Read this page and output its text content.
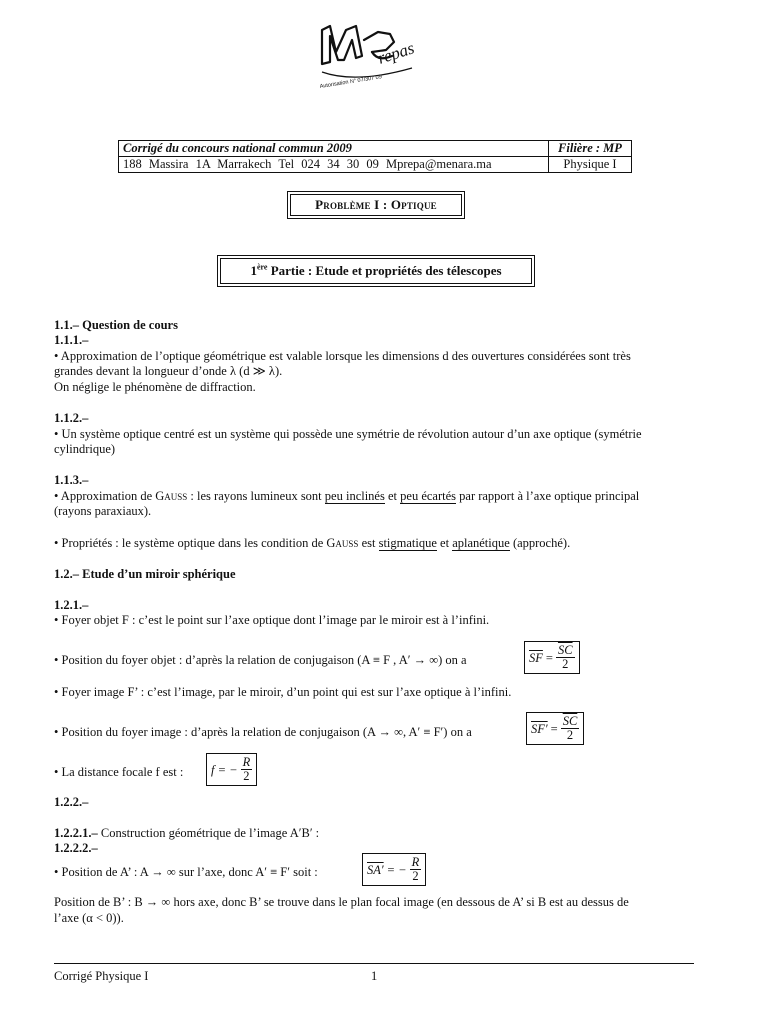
repas
Autorisation N° 07/307 09
Corrigé du concours national commun 2009	Filière : MP
188 Massira 1A Marrakech Tel 024 34 30 09 Mprepa@menara.ma	Physique I
Problème I : Optique
1ère Partie : Etude et propriétés des télescopes
1.1.– Question de cours
1.1.1.–
• Approximation de l’optique géométrique est valable lorsque les dimensions d des ouvertures considérées sont très
grandes devant la longueur d’onde λ (d ≫ λ).
On néglige le phénomène de diffraction.
1.1.2.–
• Un système optique centré est un système qui possède une symétrie de révolution autour d’un axe optique (symétrie
cylindrique)
1.1.3.–
• Approximation de Gauss : les rayons lumineux sont peu inclinés et peu écartés par rapport à l’axe optique principal
(rayons paraxiaux).
• Propriétés : le système optique dans les condition de Gauss est stigmatique et aplanétique (approché).
1.2.– Etude d’un miroir sphérique
1.2.1.–
• Foyer objet F : c’est le point sur l’axe optique dont l’image par le miroir est à l’infini.
• Position du foyer objet : d’après la relation de conjugaison (A ≡ F , A′ → ∞) on a	$\overline{SF} = \frac{\overline{SC}}{2}$
• Foyer image F’ : c’est l’image, par le miroir, d’un point qui est sur l’axe optique à l’infini.
• Position du foyer image : d’après la relation de conjugaison (A → ∞, A′ ≡ F′) on a	$SF' = \frac{\overline{SC}}{2}$
• La distance focale f est : f = − $\frac{R}{2}$
1.2.2.–
1.2.2.1.– Construction géométrique de l’image A′B′ :
1.2.2.2.–
• Position de A’ : A → ∞ sur l’axe, donc A′ ≡ F′ soit :	SA′ = − $\frac{R}{2}$
Position de B’ : B → ∞ hors axe, donc B’ se trouve dans le plan focal image (en dessous de A’ si B est au dessus de
l’axe (α < 0)).
Corrigé Physique I	1
